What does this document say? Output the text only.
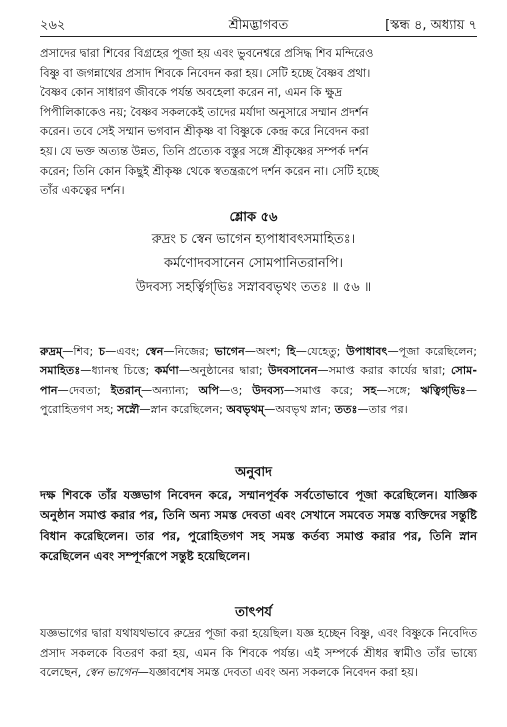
২৬২	শ্রীমদ্ভাগবত	[স্কন্ধ ৪, অধ্যায় ৭
প্রসাদের দ্বারা শিবের বিগ্রহের পূজা হয় এবং ভুবনেশ্বরে প্রসিদ্ধ শিব মন্দিরেও
বিষ্ণু বা জগন্নাথের প্রসাদ শিবকে নিবেদন করা হয়। সেটি হচ্ছে বৈষ্ণব প্রথা।
বৈষ্ণব কোন সাধারণ জীবকে পর্যন্ত অবহেলা করেন না, এমন কি ক্ষুদ্র
পিপীলিকাকেও নয়; বৈষ্ণব সকলকেই তাদের মর্যাদা অনুসারে সম্মান প্রদর্শন
করেন। তবে সেই সম্মান ভগবান শ্রীকৃষ্ণ বা বিষ্ণুকে কেন্দ্র করে নিবেদন করা
হয়। যে ভক্ত অত্যন্ত উন্নত, তিনি প্রত্যেক বস্তুর সঙ্গে শ্রীকৃষ্ণের সম্পর্ক দর্শন
করেন; তিনি কোন কিছুই শ্রীকৃষ্ণ থেকে স্বতন্ত্ররূপে দর্শন করেন না। সেটি হচ্ছে
তাঁর একত্বের দর্শন।
শ্লোক ৫৬
রুদ্রং চ স্বেন ভাগেন হ্যপাধাবৎসমাহিতঃ।
কর্মণোদবসানেন সোমপানিতরানপি।
উদবস্য সহর্ত্বিগ্‌ভিঃ সস্নাববভৃথং ততঃ ॥ ৫৬ ॥
রুদ্রম্—শিব; চ—এবং; স্বেন—নিজের; ভাগেন—অংশ; হি—যেহেতু; উপাধাবৎ—পূজা করেছিলেন; সমাহিতঃ—ধ্যানস্থ চিত্তে; কর্মণা—অনুষ্ঠানের দ্বারা; উদবসানেন—সমাপ্ত করার কার্যের দ্বারা; সোম-পান—দেবতা; ইতরান্—অন্যান্য; অপি—ও; উদবস্য—সমাপ্ত করে; সহ—সঙ্গে; ঋত্বিগ্‌ভিঃ—পুরোহিতগণ সহ; সস্নৌ—স্নান করেছিলেন; অবভৃথম্—অবভৃথ স্নান; ততঃ—তার পর।
অনুবাদ
দক্ষ শিবকে তাঁর যজ্ঞভাগ নিবেদন করে, সম্মানপূর্বক সর্বতোভাবে পূজা করেছিলেন। যাজ্ঞিক অনুষ্ঠান সমাপ্ত করার পর, তিনি অন্য সমস্ত দেবতা এবং সেখানে সমবেত সমস্ত ব্যক্তিদের সন্তুষ্টি বিধান করেছিলেন। তার পর, পুরোহিতগণ সহ সমস্ত কর্তব্য সমাপ্ত করার পর, তিনি স্নান করেছিলেন এবং সম্পূর্ণরূপে সন্তুষ্ট হয়েছিলেন।
তাৎপর্য
যজ্ঞভাগের দ্বারা যথাযথভাবে রুদ্রের পূজা করা হয়েছিল। যজ্ঞ হচ্ছেন বিষ্ণু, এবং বিষ্ণুকে নিবেদিত প্রসাদ সকলকে বিতরণ করা হয়, এমন কি শিবকে পর্যন্ত। এই সম্পর্কে শ্রীধর স্বামীও তাঁর ভাষ্যে বলেছেন, স্বেন ভাগেন—যজ্ঞাবশেষ সমস্ত দেবতা এবং অন্য সকলকে নিবেদন করা হয়।
